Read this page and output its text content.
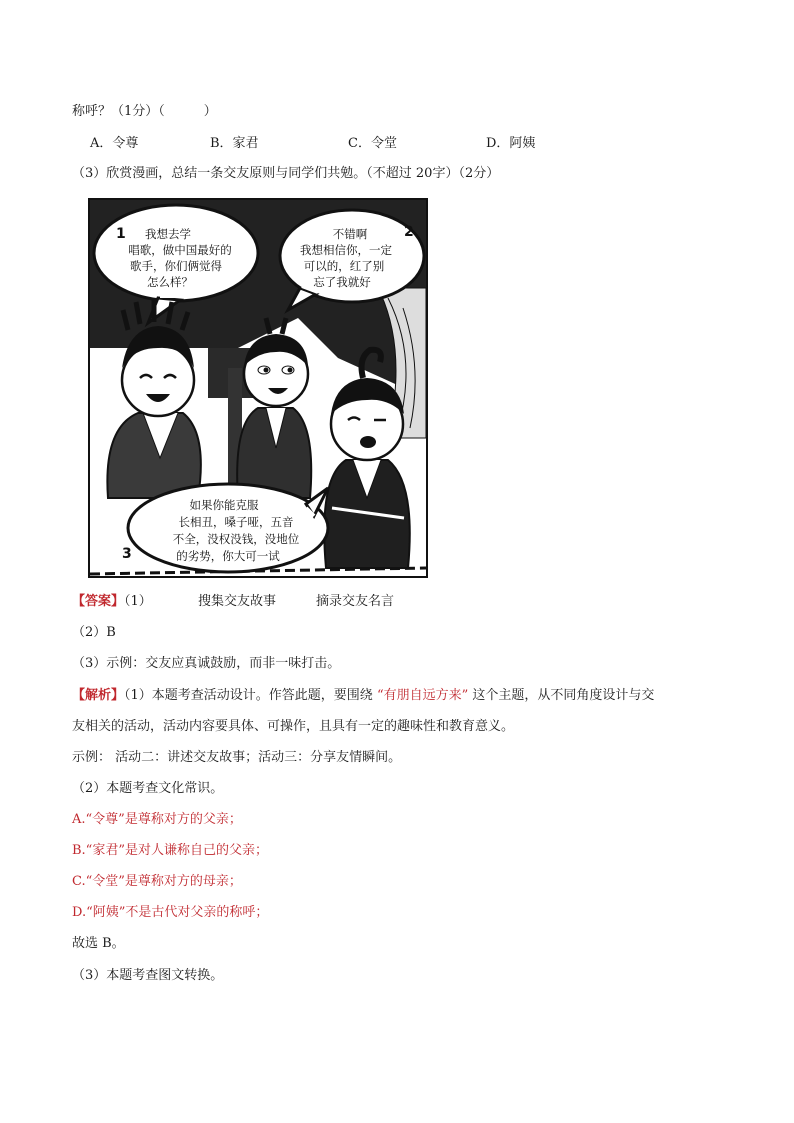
称呼？（1分）（　　　）
A．令尊	B．家君	C．令堂	D．阿姨
（3）欣赏漫画，总结一条交友原则与同学们共勉。（不超过 20字）（2分）
1 我想去学
唱歌，做中国最好的
歌手，你们俩觉得
怎么样？
2
不错啊
我想相信你，一定
可以的，红了别
忘了我就好
3
如果你能克服
长相丑，嗓子哑，五音
不全，没权没钱，没地位
的劣势，你大可一试
【答案】（1）	搜集交友故事	摘录交友名言
（2）B
（3）示例：交友应真诚鼓励，而非一味打击。
【解析】（1）本题考查活动设计。作答此题，要围绕 “有朋自远方来” 这个主题，从不同角度设计与交
友相关的活动，活动内容要具体、可操作，且具有一定的趣味性和教育意义。
示例： 活动二：讲述交友故事；活动三：分享友情瞬间。
（2）本题考查文化常识。
A.“令尊”是尊称对方的父亲；
B.“家君”是对人谦称自己的父亲；
C.“令堂”是尊称对方的母亲；
D.“阿姨”不是古代对父亲的称呼；
故选 B。
（3）本题考查图文转换。
